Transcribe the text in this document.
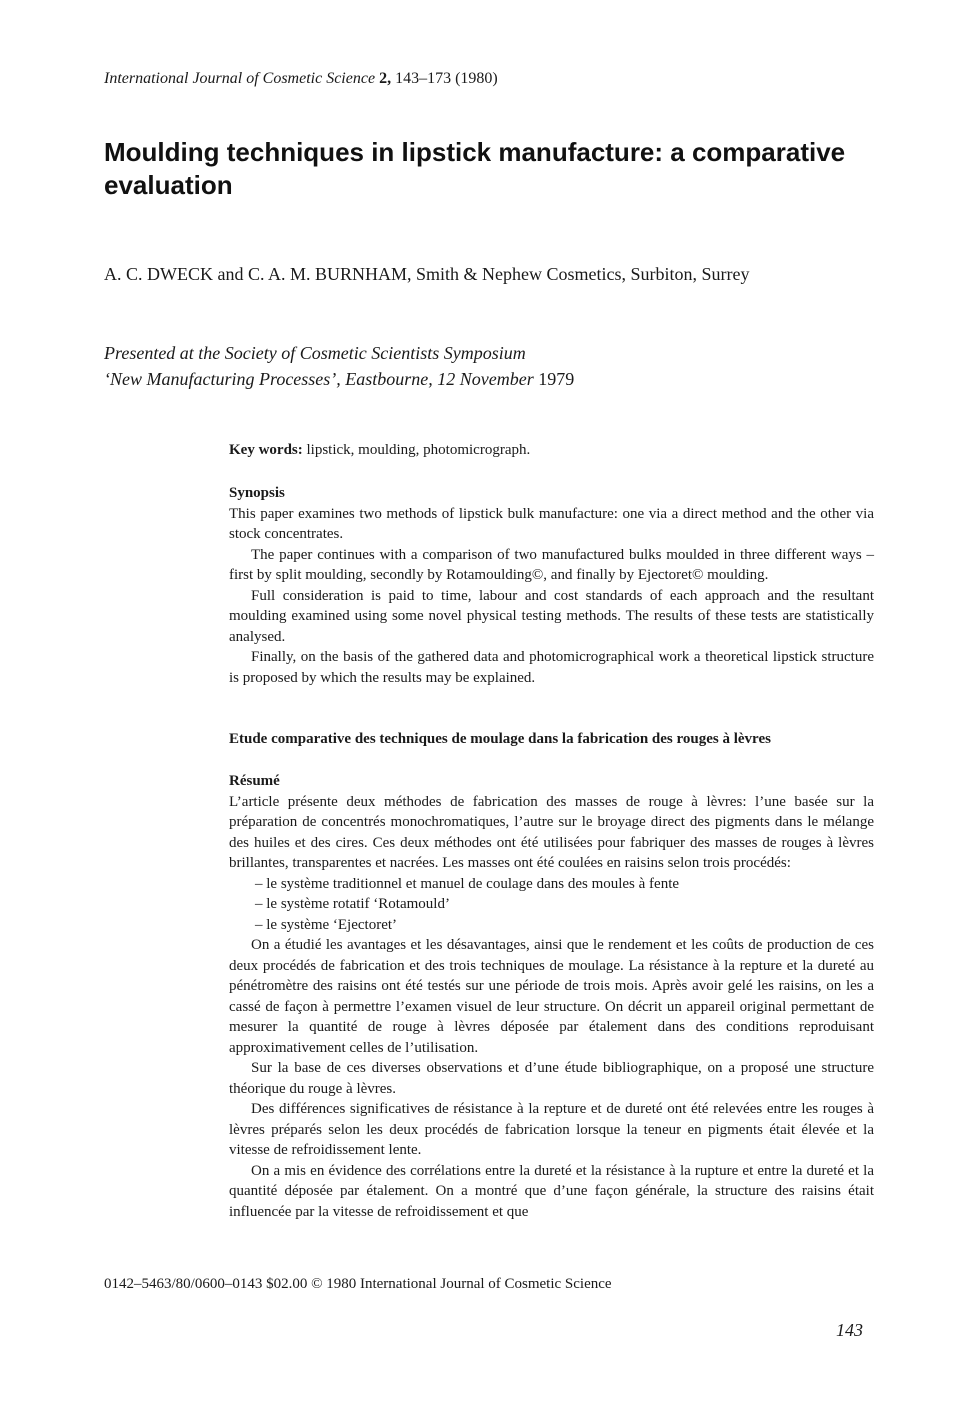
International Journal of Cosmetic Science 2, 143–173 (1980)
Moulding techniques in lipstick manufacture: a comparative evaluation
A. C. DWECK and C. A. M. BURNHAM, Smith & Nephew Cosmetics, Surbiton, Surrey
Presented at the Society of Cosmetic Scientists Symposium
‘New Manufacturing Processes’, Eastbourne, 12 November 1979
Key words: lipstick, moulding, photomicrograph.

Synopsis

This paper examines two methods of lipstick bulk manufacture: one via a direct method and the other via stock concentrates.

The paper continues with a comparison of two manufactured bulks moulded in three different ways – first by split moulding, secondly by Rotamoulding©, and finally by Ejectoret© moulding.

Full consideration is paid to time, labour and cost standards of each approach and the resultant moulding examined using some novel physical testing methods. The results of these tests are statistically analysed.

Finally, on the basis of the gathered data and photomicrographical work a theoretical lipstick structure is proposed by which the results may be explained.

Etude comparative des techniques de moulage dans la fabrication des rouges à lèvres

Résumé

L’article présente deux méthodes de fabrication des masses de rouge à lèvres: l’une basée sur la préparation de concentrés monochromatiques, l’autre sur le broyage direct des pigments dans le mélange des huiles et des cires. Ces deux méthodes ont été utilisées pour fabriquer des masses de rouges à lèvres brillantes, transparentes et nacrées. Les masses ont été coulées en raisins selon trois procédés:

– le système traditionnel et manuel de coulage dans des moules à fente

– le système rotatif ‘Rotamould’

– le système ‘Ejectoret’

On a étudié les avantages et les désavantages, ainsi que le rendement et les coûts de production de ces deux procédés de fabrication et des trois techniques de moulage. La résistance à la repture et la dureté au pénétromètre des raisins ont été testés sur une période de trois mois. Après avoir gelé les raisins, on les a cassé de façon à permettre l’examen visuel de leur structure. On décrit un appareil original permettant de mesurer la quantité de rouge à lèvres déposée par étalement dans des conditions reproduisant approximativement celles de l’utilisation.

Sur la base de ces diverses observations et d’une étude bibliographique, on a proposé une structure théorique du rouge à lèvres.

Des différences significatives de résistance à la repture et de dureté ont été relevées entre les rouges à lèvres préparés selon les deux procédés de fabrication lorsque la teneur en pigments était élevée et la vitesse de refroidissement lente.

On a mis en évidence des corrélations entre la dureté et la résistance à la rupture et entre la dureté et la quantité déposée par étalement. On a montré que d’une façon générale, la structure des raisins était influencée par la vitesse de refroidissement et que

0142–5463/80/0600–0143 $02.00 © 1980 International Journal of Cosmetic Science
143
